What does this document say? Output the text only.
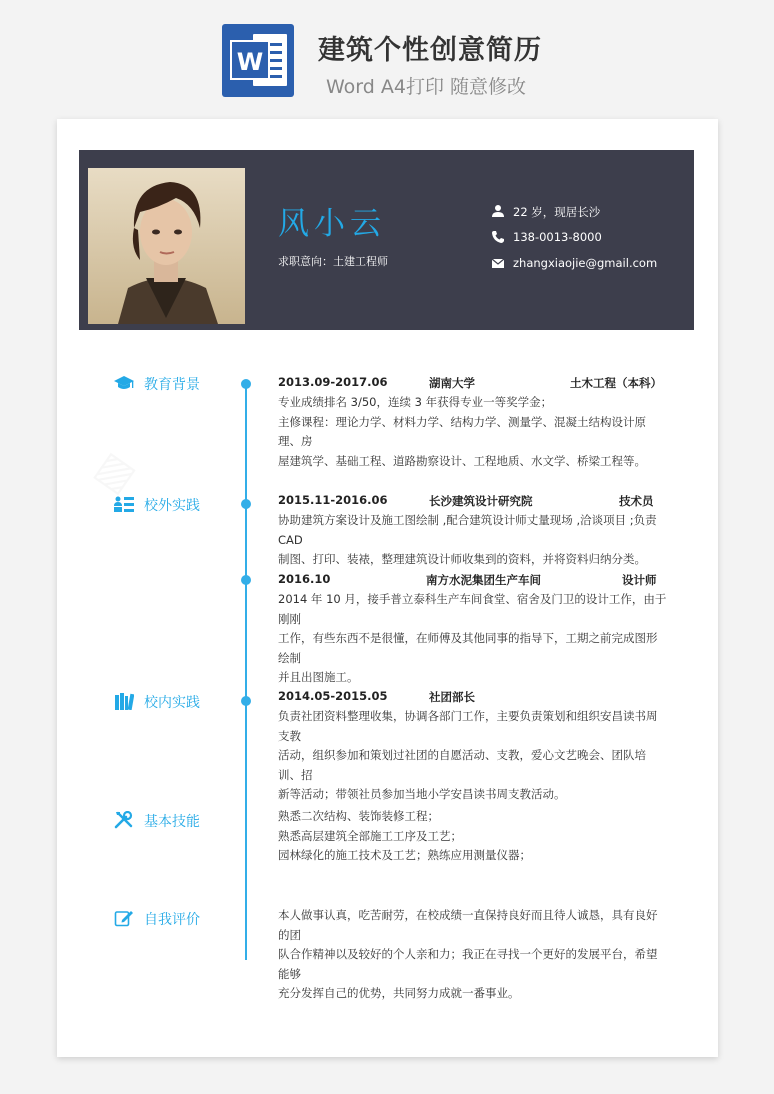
W 建筑个性创意简历
Word A4打印 随意修改
风小云
求职意向：土建工程师
22 岁，现居长沙
138-0013-8000
zhangxiaojie@gmail.com
教育背景
校外实践
校内实践
基本技能
自我评价
2013.09-2017.06	湖南大学	土木工程（本科）
专业成绩排名 3/50，连续 3 年获得专业一等奖学金；
主修课程：理论力学、材料力学、结构力学、测量学、混凝土结构设计原理、房
屋建筑学、基础工程、道路勘察设计、工程地质、水文学、桥梁工程等。
2015.11-2016.06	长沙建筑设计研究院	技术员
协助建筑方案设计及施工图绘制 ,配合建筑设计师丈量现场 ,洽谈项目 ;负责 CAD
制图、打印、装裱，整理建筑设计师收集到的资料，并将资料归纳分类。
2016.10	南方水泥集团生产车间	设计师
2014 年 10 月，接手普立泰科生产车间食堂、宿舍及门卫的设计工作，由于刚刚
工作，有些东西不是很懂，在师傅及其他同事的指导下，工期之前完成图形绘制
并且出图施工。
2014.05-2015.05	社团部长
负责社团资料整理收集，协调各部门工作，主要负责策划和组织安昌读书周支教
活动，组织参加和策划过社团的自愿活动、支教，爱心文艺晚会、团队培训、招
新等活动；带领社员参加当地小学安昌读书周支教活动。
熟悉二次结构、装饰装修工程；
熟悉高层建筑全部施工工序及工艺；
园林绿化的施工技术及工艺；熟练应用测量仪器；
本人做事认真，吃苦耐劳，在校成绩一直保持良好而且待人诚恳，具有良好的团
队合作精神以及较好的个人亲和力；我正在寻找一个更好的发展平台，希望能够
充分发挥自己的优势，共同努力成就一番事业。
